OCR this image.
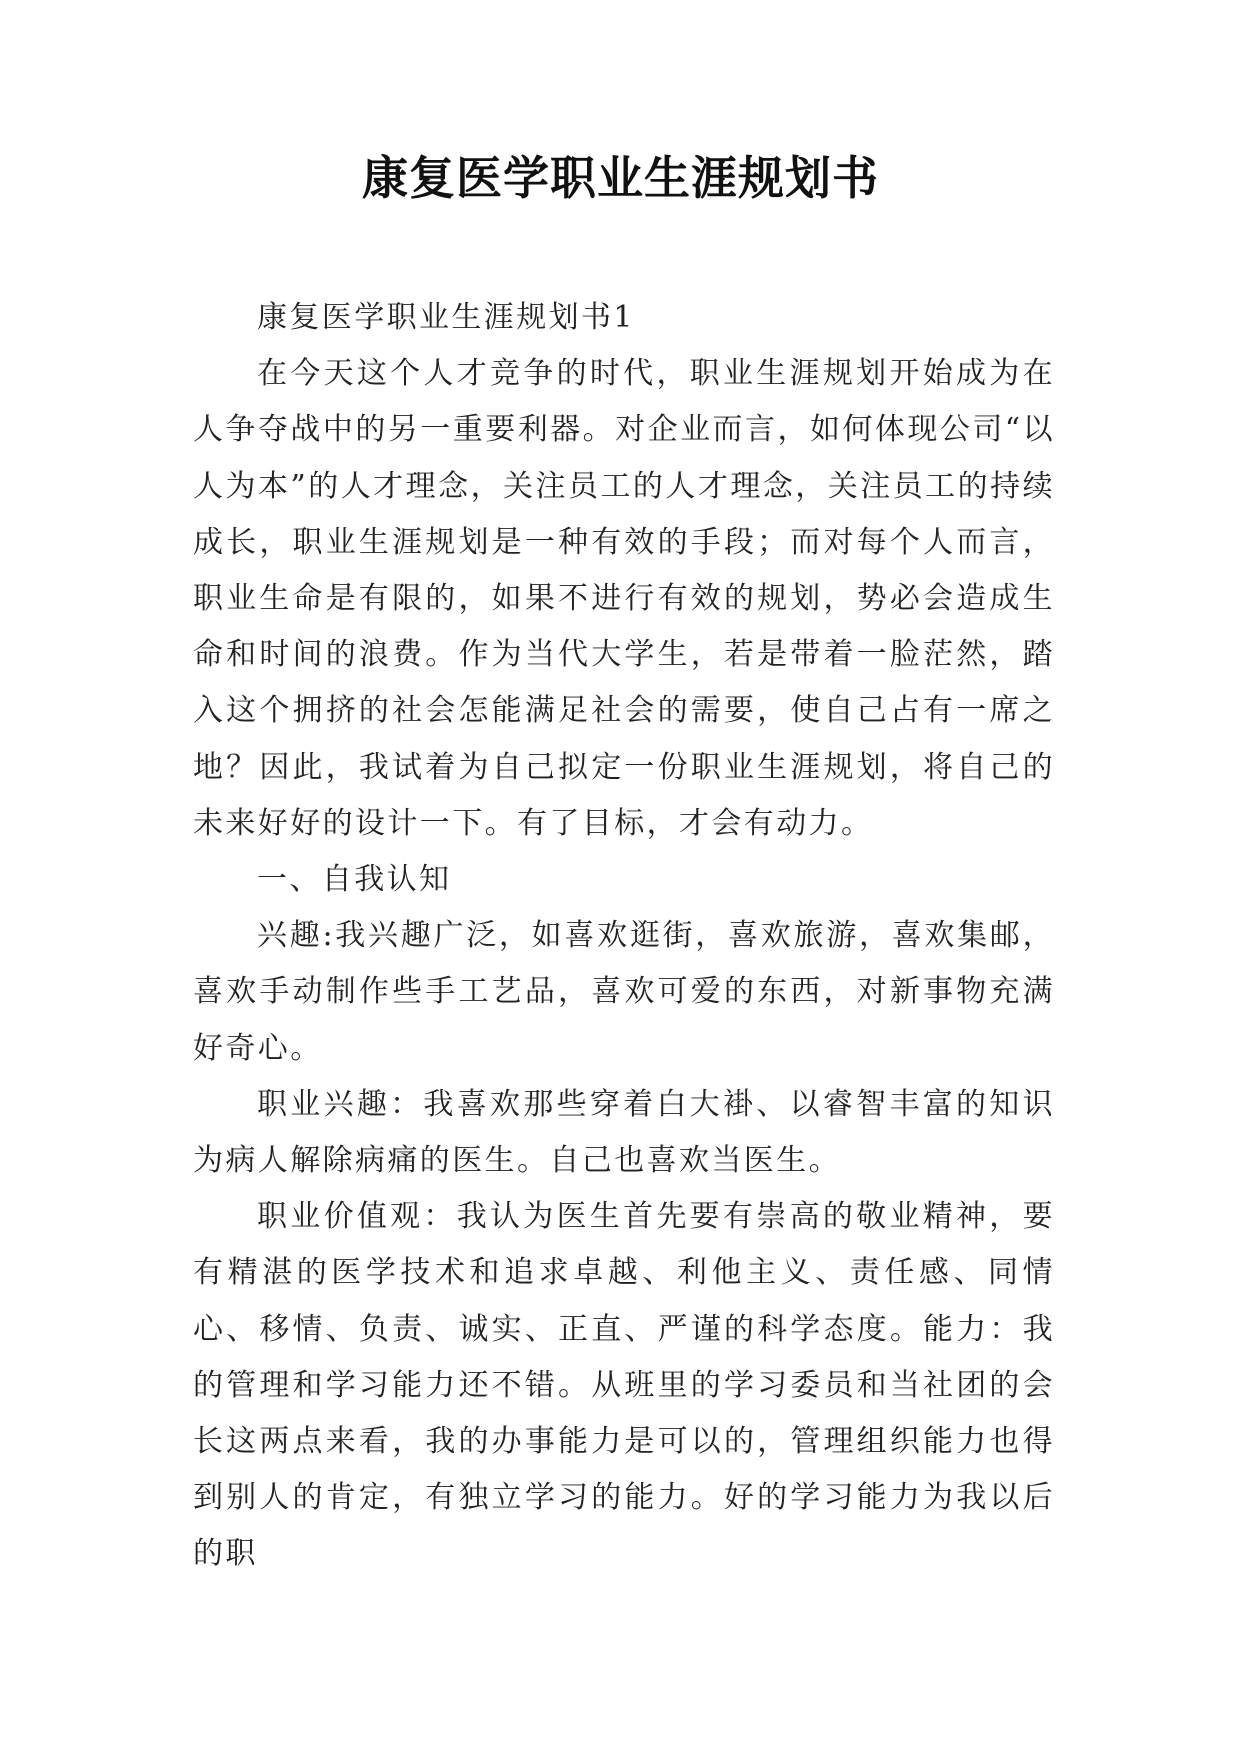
康复医学职业生涯规划书

康复医学职业生涯规划书1

在今天这个人才竞争的时代，职业生涯规划开始成为在人争夺战中的另一重要利器。对企业而言，如何体现公司“以人为本”的人才理念，关注员工的人才理念，关注员工的持续成长，职业生涯规划是一种有效的手段；而对每个人而言，职业生命是有限的，如果不进行有效的规划，势必会造成生命和时间的浪费。作为当代大学生，若是带着一脸茫然，踏入这个拥挤的社会怎能满足社会的需要，使自己占有一席之地？因此，我试着为自己拟定一份职业生涯规划，将自己的未来好好的设计一下。有了目标，才会有动力。

一、自我认知

兴趣:我兴趣广泛，如喜欢逛街，喜欢旅游，喜欢集邮，喜欢手动制作些手工艺品，喜欢可爱的东西，对新事物充满好奇心。

职业兴趣：我喜欢那些穿着白大褂、以睿智丰富的知识为病人解除病痛的医生。自己也喜欢当医生。

职业价值观：我认为医生首先要有崇高的敬业精神，要有精湛的医学技术和追求卓越、利他主义、责任感、同情心、移情、负责、诚实、正直、严谨的科学态度。能力：我的管理和学习能力还不错。从班里的学习委员和当社团的会长这两点来看，我的办事能力是可以的，管理组织能力也得到别人的肯定，有独立学习的能力。好的学习能力为我以后的职
